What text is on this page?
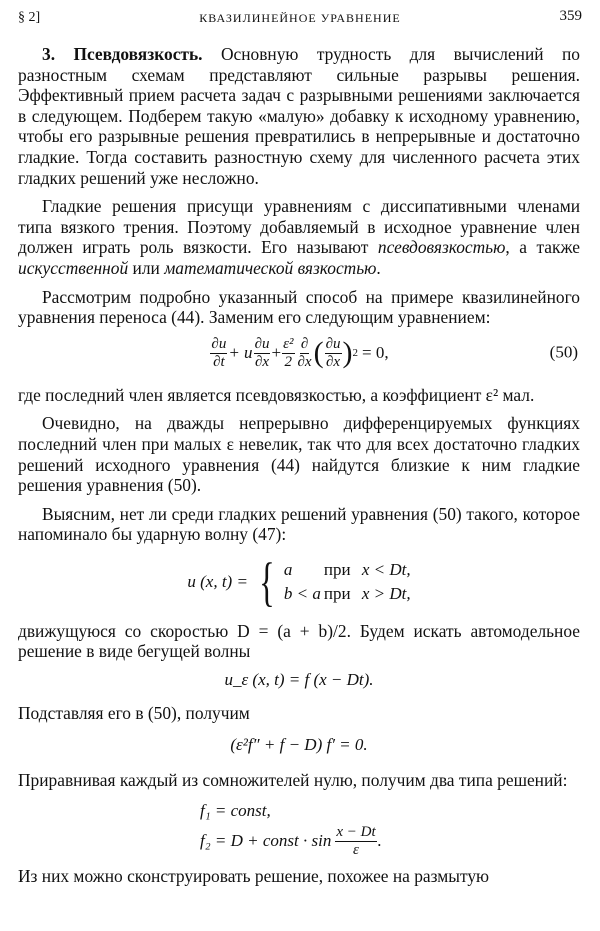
§ 2]	КВАЗИЛИНЕЙНОЕ УРАВНЕНИЕ	359

3. Псевдовязкость. Основную трудность для вычислений по разностным схемам представляют сильные разрывы решения. Эффективный прием расчета задач с разрывными решениями заключается в следующем. Подберем такую «малую» добавку к исходному уравнению, чтобы его разрывные решения превратились в непрерывные и достаточно гладкие. Тогда составить разностную схему для численного расчета этих гладких решений уже несложно.

Гладкие решения присущи уравнениям с диссипативными членами типа вязкого трения. Поэтому добавляемый в исходное уравнение член должен играть роль вязкости. Его называют псевдовязкостью, а также искусственной или математической вязкостью.

Рассмотрим подробно указанный способ на примере квазилинейного уравнения переноса (44). Заменим его следующим уравнением:

$\frac{\partial u}{\partial t} + u \frac{\partial u}{\partial x} + \frac{\text{ε²}}{2} \frac{\partial}{\partial x}$ ( $\frac{\partial u}{\partial x}$ ) 2 = 0,	(50)

где последний член является псевдовязкостью, а коэффициент ε² мал.

Очевидно, на дважды непрерывно дифференцируемых функциях последний член при малых ε невелик, так что для всех достаточно гладких решений исходного уравнения (44) найдутся близкие к ним гладкие решения уравнения (50).

Выясним, нет ли среди гладких решений уравнения (50) такого, которое напоминало бы ударную волну (47):

u (x, t) = { a	при x < Dt,
b < a при x > Dt,

движущуюся со скоростью D = (a + b)/2. Будем искать автомодельное решение в виде бегущей волны

u_ε (x, t) = f (x − Dt).

Подставляя его в (50), получим

(ε²f″ + f − D) f′ = 0.

Приравнивая каждый из сомножителей нулю, получим два типа решений:

f₁ = const,
f₂ = D + const · $\sin \frac{x - Dt}{\varepsilon}$ .

Из них можно сконструировать решение, похожее на размытую
